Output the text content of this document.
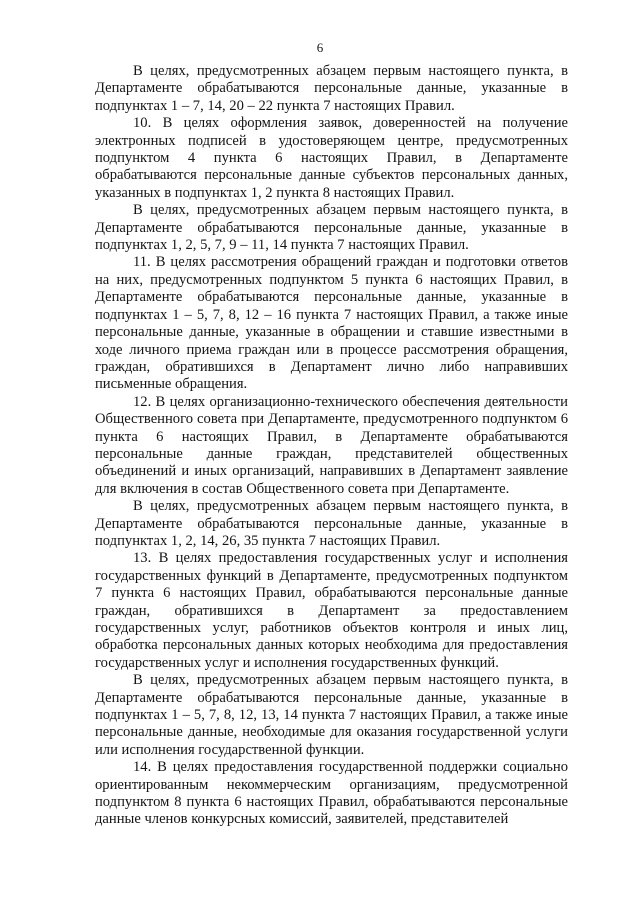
6

В целях, предусмотренных абзацем первым настоящего пункта, в Департаменте обрабатываются персональные данные, указанные в подпунктах 1 – 7, 14, 20 – 22 пункта 7 настоящих Правил.

10. В целях оформления заявок, доверенностей на получение электронных подписей в удостоверяющем центре, предусмотренных подпунктом 4 пункта 6 настоящих Правил, в Департаменте обрабатываются персональные данные субъектов персональных данных, указанных в подпунктах 1, 2 пункта 8 настоящих Правил.

В целях, предусмотренных абзацем первым настоящего пункта, в Департаменте обрабатываются персональные данные, указанные в подпунктах 1, 2, 5, 7, 9 – 11, 14 пункта 7 настоящих Правил.

11. В целях рассмотрения обращений граждан и подготовки ответов на них, предусмотренных подпунктом 5 пункта 6 настоящих Правил, в Департаменте обрабатываются персональные данные, указанные в подпунктах 1 – 5, 7, 8, 12 – 16 пункта 7 настоящих Правил, а также иные персональные данные, указанные в обращении и ставшие известными в ходе личного приема граждан или в процессе рассмотрения обращения, граждан, обратившихся в Департамент лично либо направивших письменные обращения.

12. В целях организационно-технического обеспечения деятельности Общественного совета при Департаменте, предусмотренного подпунктом 6 пункта 6 настоящих Правил, в Департаменте обрабатываются персональные данные граждан, представителей общественных объединений и иных организаций, направивших в Департамент заявление для включения в состав Общественного совета при Департаменте.

В целях, предусмотренных абзацем первым настоящего пункта, в Департаменте обрабатываются персональные данные, указанные в подпунктах 1, 2, 14, 26, 35 пункта 7 настоящих Правил.

13. В целях предоставления государственных услуг и исполнения государственных функций в Департаменте, предусмотренных подпунктом 7 пункта 6 настоящих Правил, обрабатываются персональные данные граждан, обратившихся в Департамент за предоставлением государственных услуг, работников объектов контроля и иных лиц, обработка персональных данных которых необходима для предоставления государственных услуг и исполнения государственных функций.

В целях, предусмотренных абзацем первым настоящего пункта, в Департаменте обрабатываются персональные данные, указанные в подпунктах 1 – 5, 7, 8, 12, 13, 14 пункта 7 настоящих Правил, а также иные персональные данные, необходимые для оказания государственной услуги или исполнения государственной функции.

14. В целях предоставления государственной поддержки социально ориентированным некоммерческим организациям, предусмотренной подпунктом 8 пункта 6 настоящих Правил, обрабатываются персональные данные членов конкурсных комиссий, заявителей, представителей
